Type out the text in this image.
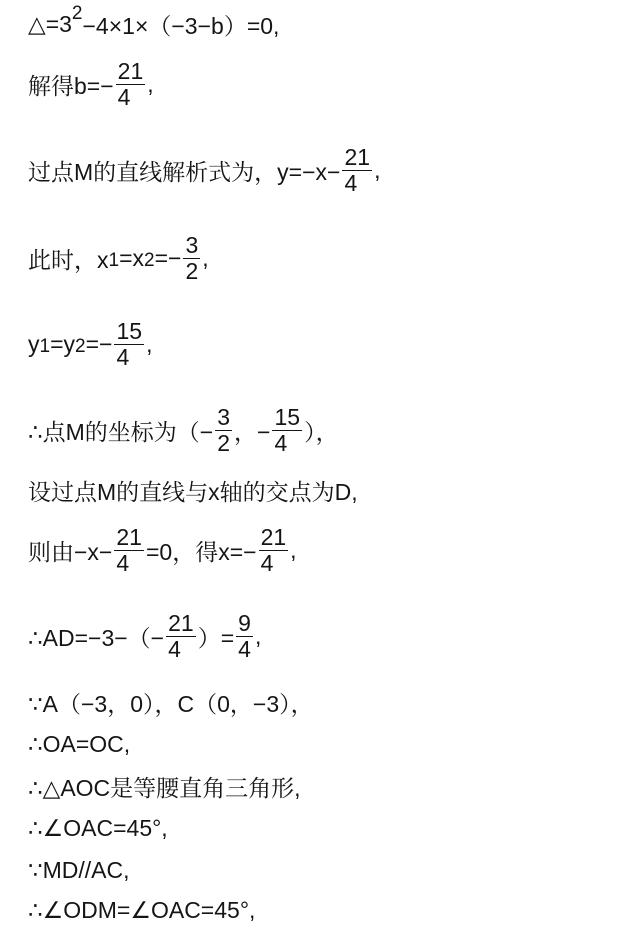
△=3 2 −4×1×（−3−b）=0,
解得$b=- \frac{21}{4}$ ,
过点M的直线解析式为，$y=-x- \frac{21}{4}$ ,
此时，x 1 =x $2 =- \frac{3}{2}$ ,
y 1 =y $2 =- \frac{15}{4}$ ,
∴点M的坐标为（− $\frac{3}{2}$ ，− $\frac{15}{4}$ ），
设过点M的直线与x轴的交点为D,
则由$-x- \frac{21}{4} =0$，得$x=- \frac{21}{4}$ ,
∴AD=−3−（− $\frac{21}{4}$ ）= $\frac{9}{4}$ ,
∵A（−3，0），C（0，−3），
∴OA=OC,
∴△AOC是等腰直角三角形,
∴∠OAC=45°,
∵MD//AC,
∴∠ODM=∠OAC=45°,
